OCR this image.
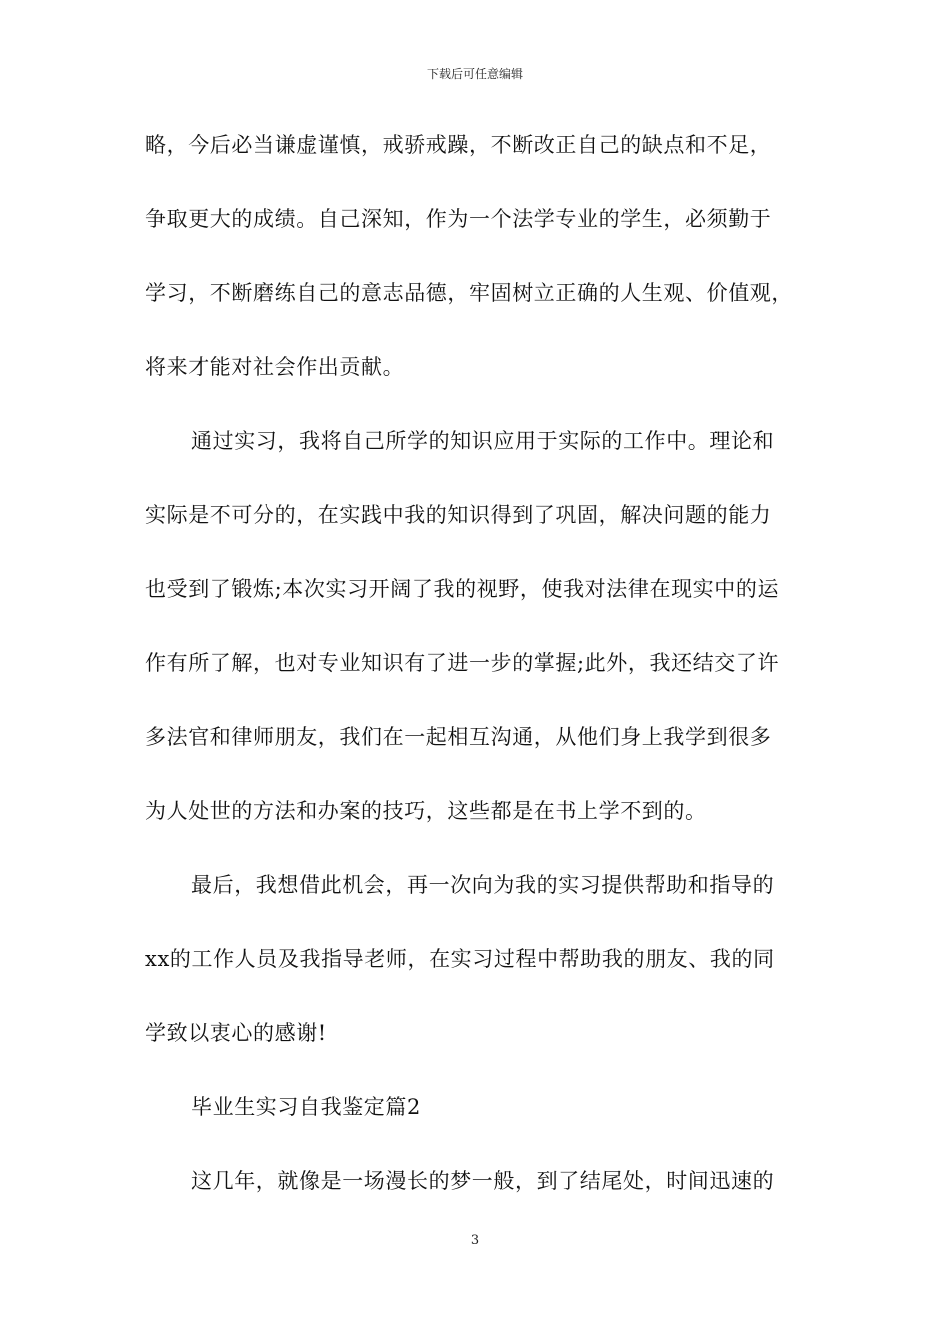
下载后可任意编辑
略，今后必当谦虚谨慎，戒骄戒躁，不断改正自己的缺点和不足，
争取更大的成绩。自己深知，作为一个法学专业的学生，必须勤于
学习，不断磨练自己的意志品德，牢固树立正确的人生观、价值观，
将来才能对社会作出贡献。
通过实习，我将自己所学的知识应用于实际的工作中。理论和
实际是不可分的，在实践中我的知识得到了巩固，解决问题的能力
也受到了锻炼;本次实习开阔了我的视野，使我对法律在现实中的运
作有所了解，也对专业知识有了进一步的掌握;此外，我还结交了许
多法官和律师朋友，我们在一起相互沟通，从他们身上我学到很多
为人处世的方法和办案的技巧，这些都是在书上学不到的。
最后，我想借此机会，再一次向为我的实习提供帮助和指导的
xx的工作人员及我指导老师，在实习过程中帮助我的朋友、我的同
学致以衷心的感谢!
毕业生实习自我鉴定篇2
这几年，就像是一场漫长的梦一般，到了结尾处，时间迅速的
3
